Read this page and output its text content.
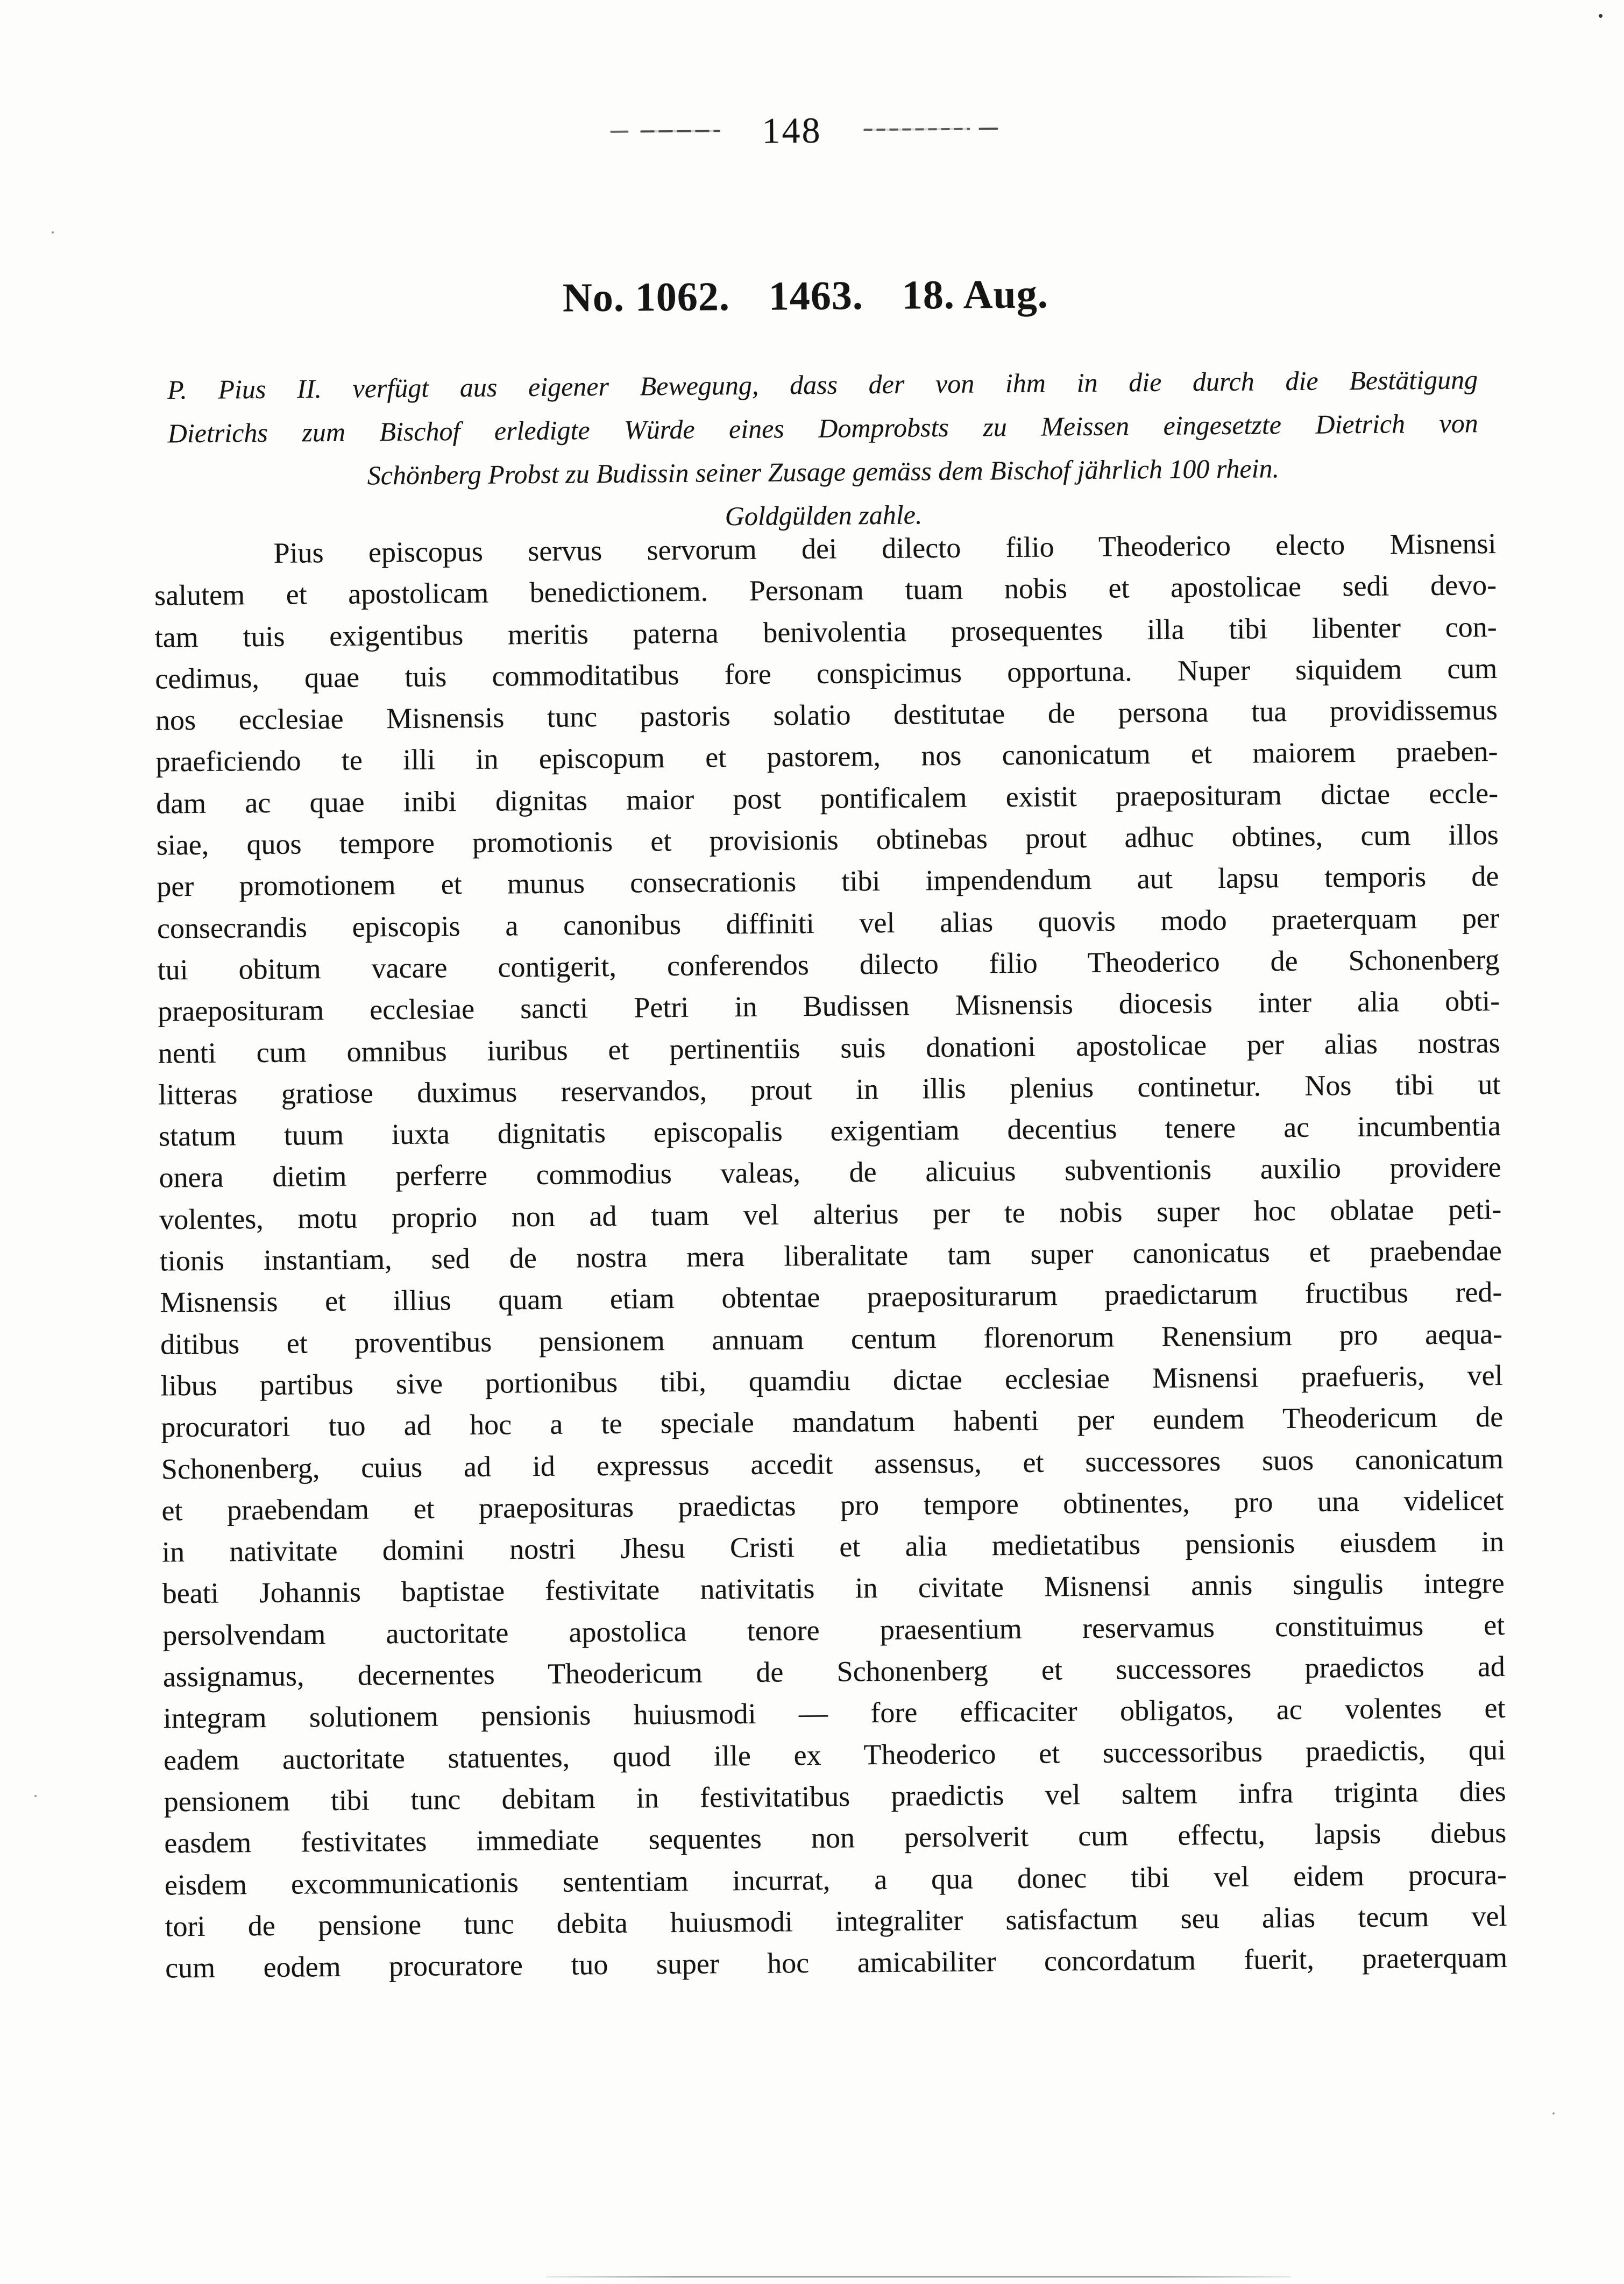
148
No. 1062. 1463. 18. Aug.
P. Pius II. verfügt aus eigener Bewegung, dass der von ihm in die durch die Bestätigung
Dietrichs zum Bischof erledigte Würde eines Domprobsts zu Meissen eingesetzte Dietrich von
Schönberg Probst zu Budissin seiner Zusage gemäss dem Bischof jährlich 100 rhein.
Goldgülden zahle.
Pius episcopus servus servorum dei dilecto filio Theoderico electo Misnensi
salutem et apostolicam benedictionem. Personam tuam nobis et apostolicae sedi devo-
tam tuis exigentibus meritis paterna benivolentia prosequentes illa tibi libenter con-
cedimus, quae tuis commoditatibus fore conspicimus opportuna. Nuper siquidem cum
nos ecclesiae Misnensis tunc pastoris solatio destitutae de persona tua providissemus
praeficiendo te illi in episcopum et pastorem, nos canonicatum et maiorem praeben-
dam ac quae inibi dignitas maior post pontificalem existit praeposituram dictae eccle-
siae, quos tempore promotionis et provisionis obtinebas prout adhuc obtines, cum illos
per promotionem et munus consecrationis tibi impendendum aut lapsu temporis de
consecrandis episcopis a canonibus diffiniti vel alias quovis modo praeterquam per
tui obitum vacare contigerit, conferendos dilecto filio Theoderico de Schonenberg
praeposituram ecclesiae sancti Petri in Budissen Misnensis diocesis inter alia obti-
nenti cum omnibus iuribus et pertinentiis suis donationi apostolicae per alias nostras
litteras gratiose duximus reservandos, prout in illis plenius continetur. Nos tibi ut
statum tuum iuxta dignitatis episcopalis exigentiam decentius tenere ac incumbentia
onera dietim perferre commodius valeas, de alicuius subventionis auxilio providere
volentes, motu proprio non ad tuam vel alterius per te nobis super hoc oblatae peti-
tionis instantiam, sed de nostra mera liberalitate tam super canonicatus et praebendae
Misnensis et illius quam etiam obtentae praepositurarum praedictarum fructibus red-
ditibus et proventibus pensionem annuam centum florenorum Renensium pro aequa-
libus partibus sive portionibus tibi, quamdiu dictae ecclesiae Misnensi praefueris, vel
procuratori tuo ad hoc a te speciale mandatum habenti per eundem Theodericum de
Schonenberg, cuius ad id expressus accedit assensus, et successores suos canonicatum
et praebendam et praeposituras praedictas pro tempore obtinentes, pro una videlicet
in nativitate domini nostri Jhesu Cristi et alia medietatibus pensionis eiusdem in
beati Johannis baptistae festivitate nativitatis in civitate Misnensi annis singulis integre
persolvendam auctoritate apostolica tenore praesentium reservamus constituimus et
assignamus, decernentes Theodericum de Schonenberg et successores praedictos ad
integram solutionem pensionis huiusmodi — fore efficaciter obligatos, ac volentes et
eadem auctoritate statuentes, quod ille ex Theoderico et successoribus praedictis, qui
pensionem tibi tunc debitam in festivitatibus praedictis vel saltem infra triginta dies
easdem festivitates immediate sequentes non persolverit cum effectu, lapsis diebus
eisdem excommunicationis sententiam incurrat, a qua donec tibi vel eidem procura-
tori de pensione tunc debita huiusmodi integraliter satisfactum seu alias tecum vel
cum eodem procuratore tuo super hoc amicabiliter concordatum fuerit, praeterquam
